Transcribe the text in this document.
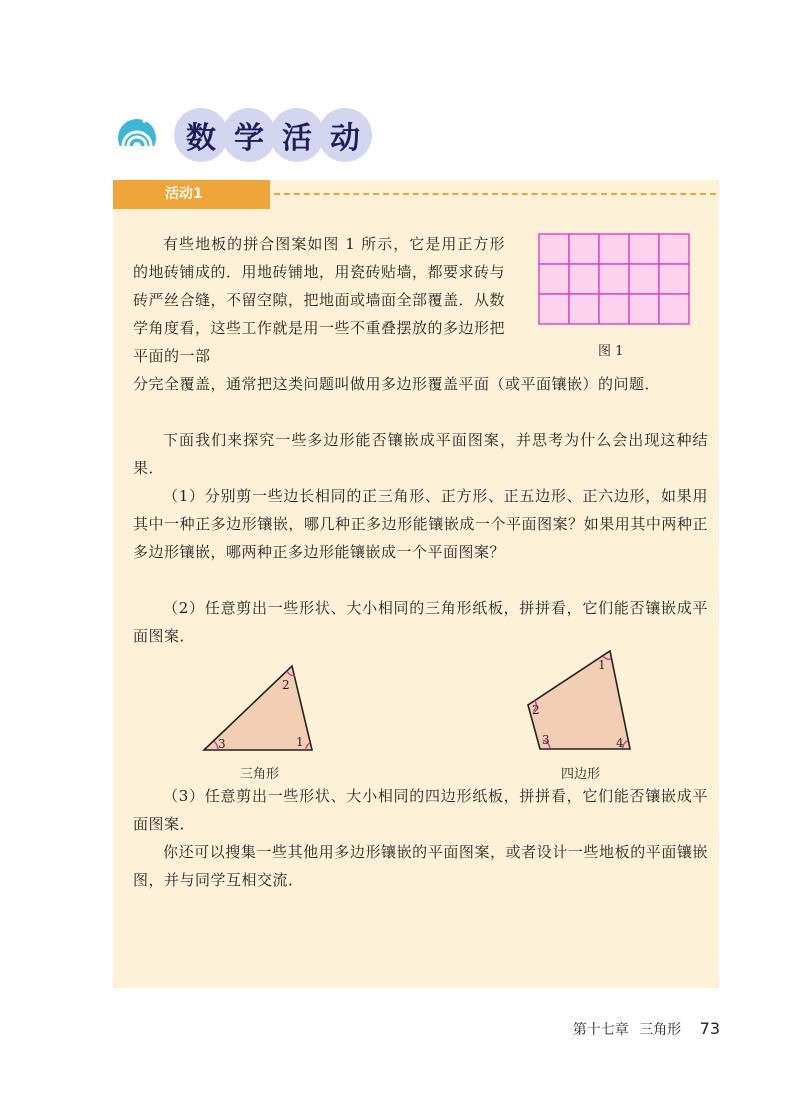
数 学 活 动
活动1

有些地板的拼合图案如图 1 所示，它是用正方形的地砖铺成的．用地砖铺地，用瓷砖贴墙，都要求砖与砖严丝合缝，不留空隙，把地面或墙面全部覆盖．从数学角度看，这些工作就是用一些不重叠摆放的多边形把平面的一部

分完全覆盖，通常把这类问题叫做用多边形覆盖平面（或平面镶嵌）的问题．

图 1

下面我们来探究一些多边形能否镶嵌成平面图案，并思考为什么会出现这种结果．

（1）分别剪一些边长相同的正三角形、正方形、正五边形、正六边形，如果用其中一种正多边形镶嵌，哪几种正多边形能镶嵌成一个平面图案？如果用其中两种正多边形镶嵌，哪两种正多边形能镶嵌成一个平面图案？

（2）任意剪出一些形状、大小相同的三角形纸板，拼拼看，它们能否镶嵌成平面图案．

1
2
3
三角形
1
2
3	4
四边形

（3）任意剪出一些形状、大小相同的四边形纸板，拼拼看，它们能否镶嵌成平面图案．

你还可以搜集一些其他用多边形镶嵌的平面图案，或者设计一些地板的平面镶嵌图，并与同学互相交流．

第十七章 三角形 73
